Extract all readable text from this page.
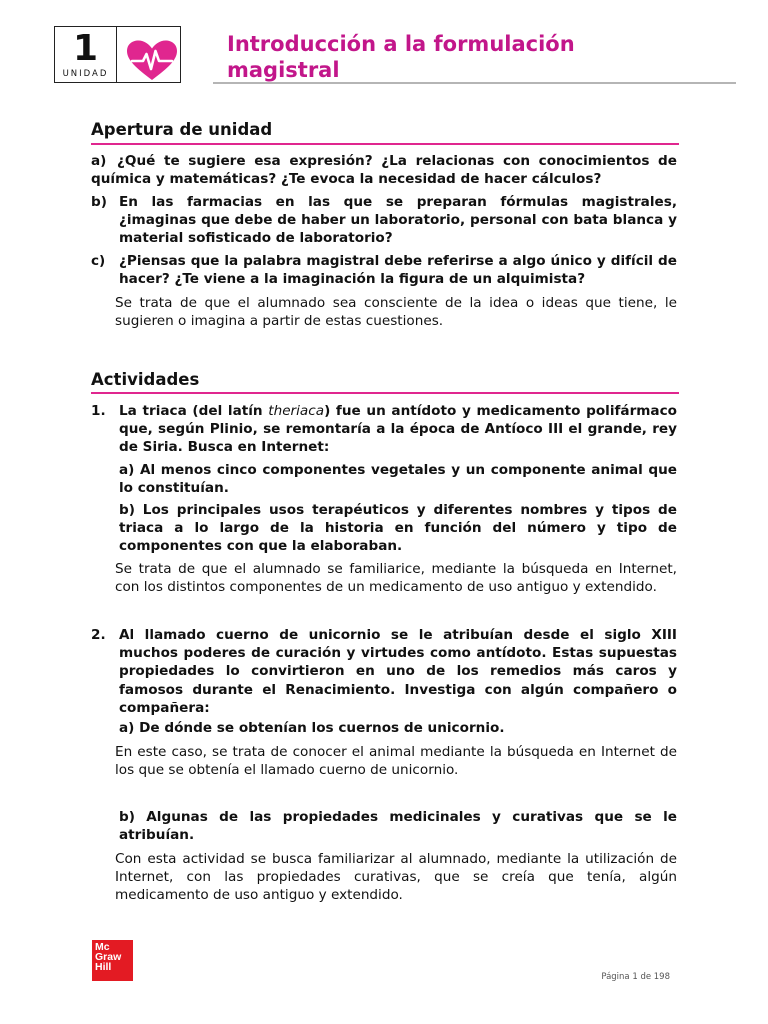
1
UNIDAD
Introducción a la formulación
magistral
Apertura de unidad
a) ¿Qué te sugiere esa expresión? ¿La relacionas con conocimientos de química y matemáticas? ¿Te evoca la necesidad de hacer cálculos?
b) En las farmacias en las que se preparan fórmulas magistrales, ¿imaginas que debe de haber un laboratorio, personal con bata blanca y material sofisticado de laboratorio?
c)	¿Piensas que la palabra magistral debe referirse a algo único y difícil de hacer? ¿Te viene a la imaginación la figura de un alquimista?

Se trata de que el alumnado sea consciente de la idea o ideas que tiene, le sugieren o imagina a partir de estas cuestiones.

Actividades
1. La triaca (del latín theriaca) fue un antídoto y medicamento polifármaco que, según Plinio, se remontaría a la época de Antíoco III el grande, rey de Siria. Busca en Internet:
a) Al menos cinco componentes vegetales y un componente animal que lo constituían.
b) Los principales usos terapéuticos y diferentes nombres y tipos de triaca a lo largo de la historia en función del número y tipo de componentes con que la elaboraban.

Se trata de que el alumnado se familiarice, mediante la búsqueda en Internet, con los distintos componentes de un medicamento de uso antiguo y extendido.

2. Al llamado cuerno de unicornio se le atribuían desde el siglo XIII muchos poderes de curación y virtudes como antídoto. Estas supuestas propiedades lo convirtieron en uno de los remedios más caros y famosos durante el Renacimiento. Investiga con algún compañero o compañera:
a) De dónde se obtenían los cuernos de unicornio.

En este caso, se trata de conocer el animal mediante la búsqueda en Internet de los que se obtenía el llamado cuerno de unicornio.

b) Algunas de las propiedades medicinales y curativas que se le atribuían.

Con esta actividad se busca familiarizar al alumnado, mediante la utilización de Internet, con las propiedades curativas, que se creía que tenía, algún medicamento de uso antiguo y extendido.

Mc
Graw
Hill
Página 1 de 198
